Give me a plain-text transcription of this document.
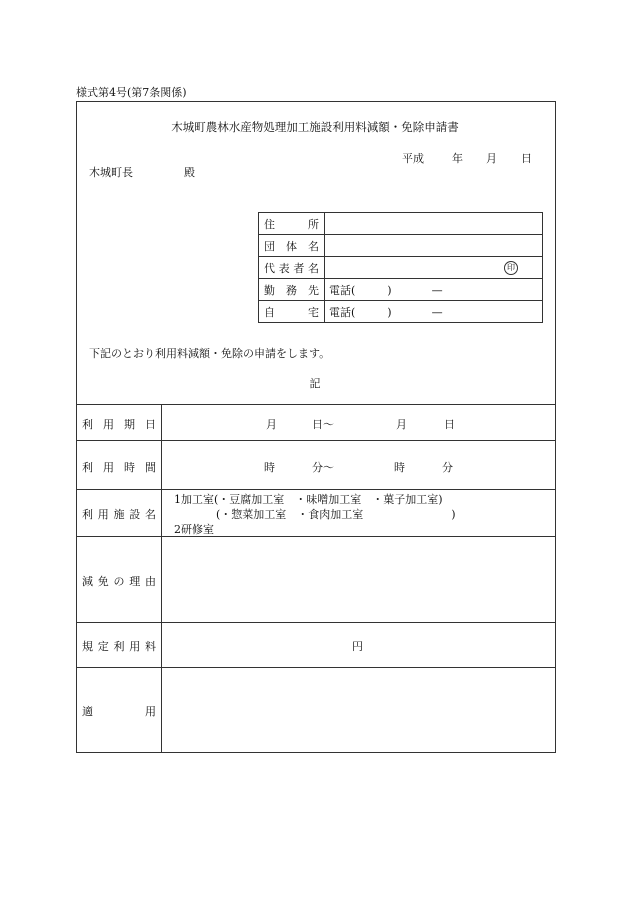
様式第4号(第7条関係)
木城町農林水産物処理加工施設利用料減額・免除申請書
平成	年 月 日
木城町長	殿
住　　所	
団 体 名	
代表者名	印

勤 務 先	電話( ) —
自　　宅	電話( ) —
下記のとおり利用料減額・免除の申請をします。
記
利用期日	月	日〜	月	日
利用時間	時	分〜	時	分
利用施設名
1加工室(・豆腐加工室　・味噌加工室　・菓子加工室)
(・惣菜加工室　・食肉加工室　　　　　　　　)
2研修室
減免の理由
規定利用料	円
適　　用
